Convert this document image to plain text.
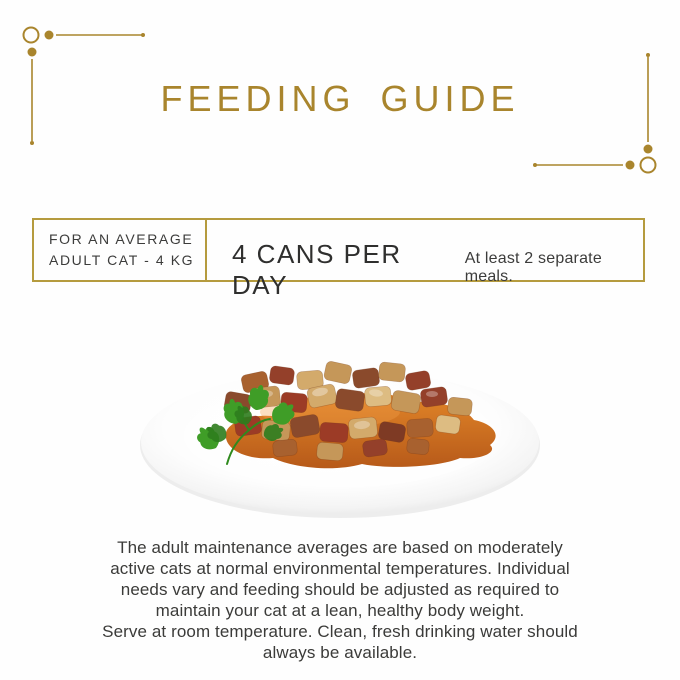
FEEDING GUIDE
FOR AN AVERAGE
ADULT CAT - 4 KG	4 CANS PER DAY
At least 2 separate meals.
The adult maintenance averages are based on moderately
active cats at normal environmental temperatures. Individual
needs vary and feeding should be adjusted as required to
maintain your cat at a lean, healthy body weight.
Serve at room temperature. Clean, fresh drinking water should
always be available.
